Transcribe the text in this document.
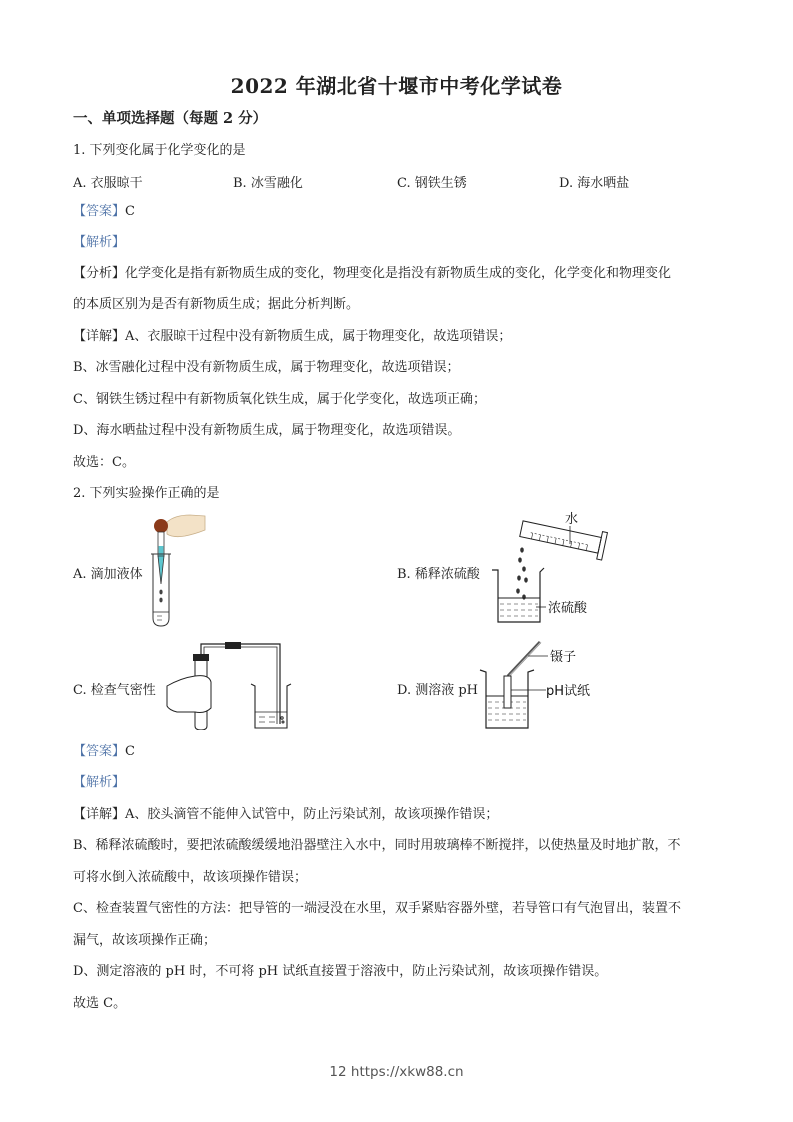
2022 年湖北省十堰市中考化学试卷
一、单项选择题（每题 2 分）
1. 下列变化属于化学变化的是
A. 衣服晾干	B. 冰雪融化	C. 钢铁生锈	D. 海水晒盐
【答案】C
【解析】
【分析】化学变化是指有新物质生成的变化，物理变化是指没有新物质生成的变化，化学变化和物理变化
的本质区别为是否有新物质生成；据此分析判断。
【详解】A、衣服晾干过程中没有新物质生成，属于物理变化，故选项错误；
B、冰雪融化过程中没有新物质生成，属于物理变化，故选项错误；
C、钢铁生锈过程中有新物质氧化铁生成，属于化学变化，故选项正确；
D、海水晒盐过程中没有新物质生成，属于物理变化，故选项错误。
故选：C。
2. 下列实验操作正确的是
A. 滴加液体	B. 稀释浓硫酸
水
浓硫酸
C. 检查气密性	D. 测溶液 pH
镊子
pH试纸
【答案】C
【解析】
【详解】A、胶头滴管不能伸入试管中，防止污染试剂，故该项操作错误；
B、稀释浓硫酸时，要把浓硫酸缓缓地沿器壁注入水中，同时用玻璃棒不断搅拌，以使热量及时地扩散，不
可将水倒入浓硫酸中，故该项操作错误；
C、检查装置气密性的方法：把导管的一端浸没在水里，双手紧贴容器外壁，若导管口有气泡冒出，装置不
漏气，故该项操作正确；
D、测定溶液的 pH 时，不可将 pH 试纸直接置于溶液中，防止污染试剂，故该项操作错误。
故选 C。
12 https://xkw88.cn
